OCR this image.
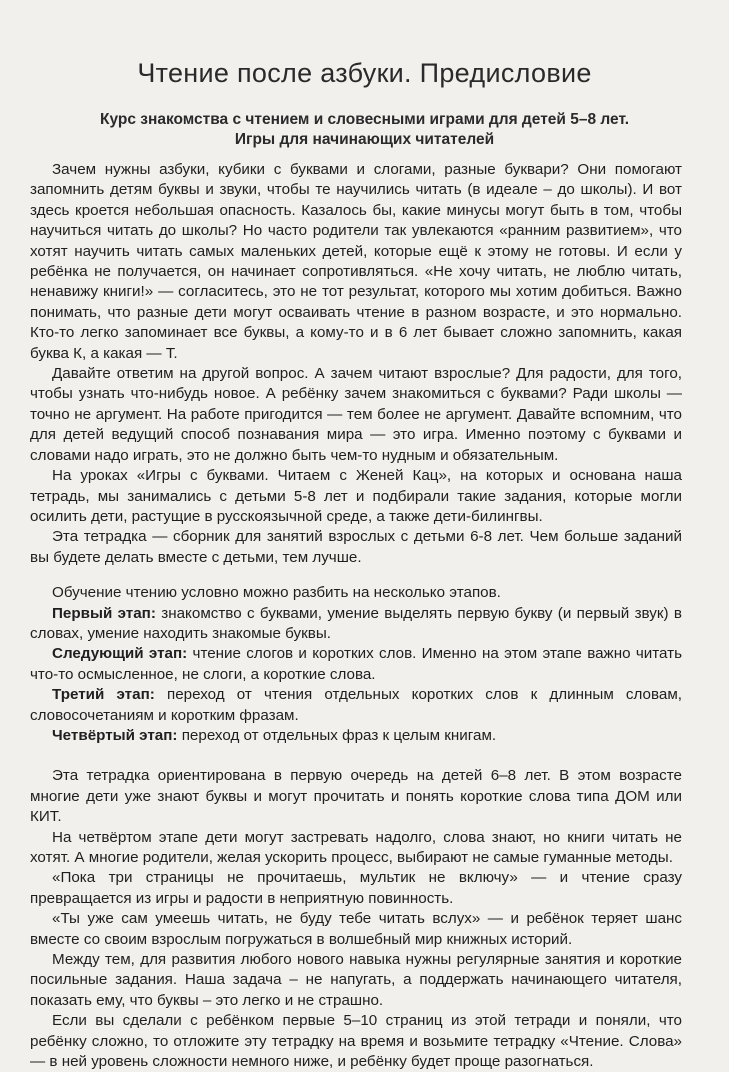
Чтение после азбуки. Предисловие
Курс знакомства с чтением и словесными играми для детей 5–8 лет.
Игры для начинающих читателей

Зачем нужны азбуки, кубики с буквами и слогами, разные буквари? Они помогают запомнить детям буквы и звуки, чтобы те научились читать (в идеале – до школы). И вот здесь кроется небольшая опасность. Казалось бы, какие минусы могут быть в том, чтобы научиться читать до школы? Но часто родители так увлекаются «ранним развитием», что хотят научить читать самых маленьких детей, которые ещё к этому не готовы. И если у ребёнка не получается, он начинает сопротивляться. «Не хочу читать, не люблю читать, ненавижу книги!» — согласитесь, это не тот результат, которого мы хотим добиться. Важно понимать, что разные дети могут осваивать чтение в разном возрасте, и это нормально. Кто-то легко запоминает все буквы, а кому-то и в 6 лет бывает сложно запомнить, какая буква К, а какая — Т.

Давайте ответим на другой вопрос. А зачем читают взрослые? Для радости, для того, чтобы узнать что-нибудь новое. А ребёнку зачем знакомиться с буквами? Ради школы — точно не аргумент. На работе пригодится — тем более не аргумент. Давайте вспомним, что для детей ведущий способ познавания мира — это игра. Именно поэтому с буквами и словами надо играть, это не должно быть чем-то нудным и обязательным.

На уроках «Игры с буквами. Читаем с Женей Кац», на которых и основана наша тетрадь, мы занимались с детьми 5-8 лет и подбирали такие задания, которые могли осилить дети, растущие в русскоязычной среде, а также дети-билингвы.

Эта тетрадка — сборник для занятий взрослых с детьми 6-8 лет. Чем больше заданий вы будете делать вместе с детьми, тем лучше.

Обучение чтению условно можно разбить на несколько этапов.

Первый этап: знакомство с буквами, умение выделять первую букву (и первый звук) в словах, умение находить знакомые буквы.

Следующий этап: чтение слогов и коротких слов. Именно на этом этапе важно читать что-то осмысленное, не слоги, а короткие слова.

Третий этап: переход от чтения отдельных коротких слов к длинным словам, словосочетаниям и коротким фразам.

Четвёртый этап: переход от отдельных фраз к целым книгам.

Эта тетрадка ориентирована в первую очередь на детей 6–8 лет. В этом возрасте многие дети уже знают буквы и могут прочитать и понять короткие слова типа ДОМ или КИТ.

На четвёртом этапе дети могут застревать надолго, слова знают, но книги читать не хотят. А многие родители, желая ускорить процесс, выбирают не самые гуманные методы.

«Пока три страницы не прочитаешь, мультик не включу» — и чтение сразу превращается из игры и радости в неприятную повинность.

«Ты уже сам умеешь читать, не буду тебе читать вслух» — и ребёнок теряет шанс вместе со своим взрослым погружаться в волшебный мир книжных историй.

Между тем, для развития любого нового навыка нужны регулярные занятия и короткие посильные задания. Наша задача – не напугать, а поддержать начинающего читателя, показать ему, что буквы – это легко и не страшно.

Если вы сделали с ребёнком первые 5–10 страниц из этой тетради и поняли, что ребёнку сложно, то отложите эту тетрадку на время и возьмите тетрадку «Чтение. Слова» — в ней уровень сложности немного ниже, и ребёнку будет проще разогнаться.
